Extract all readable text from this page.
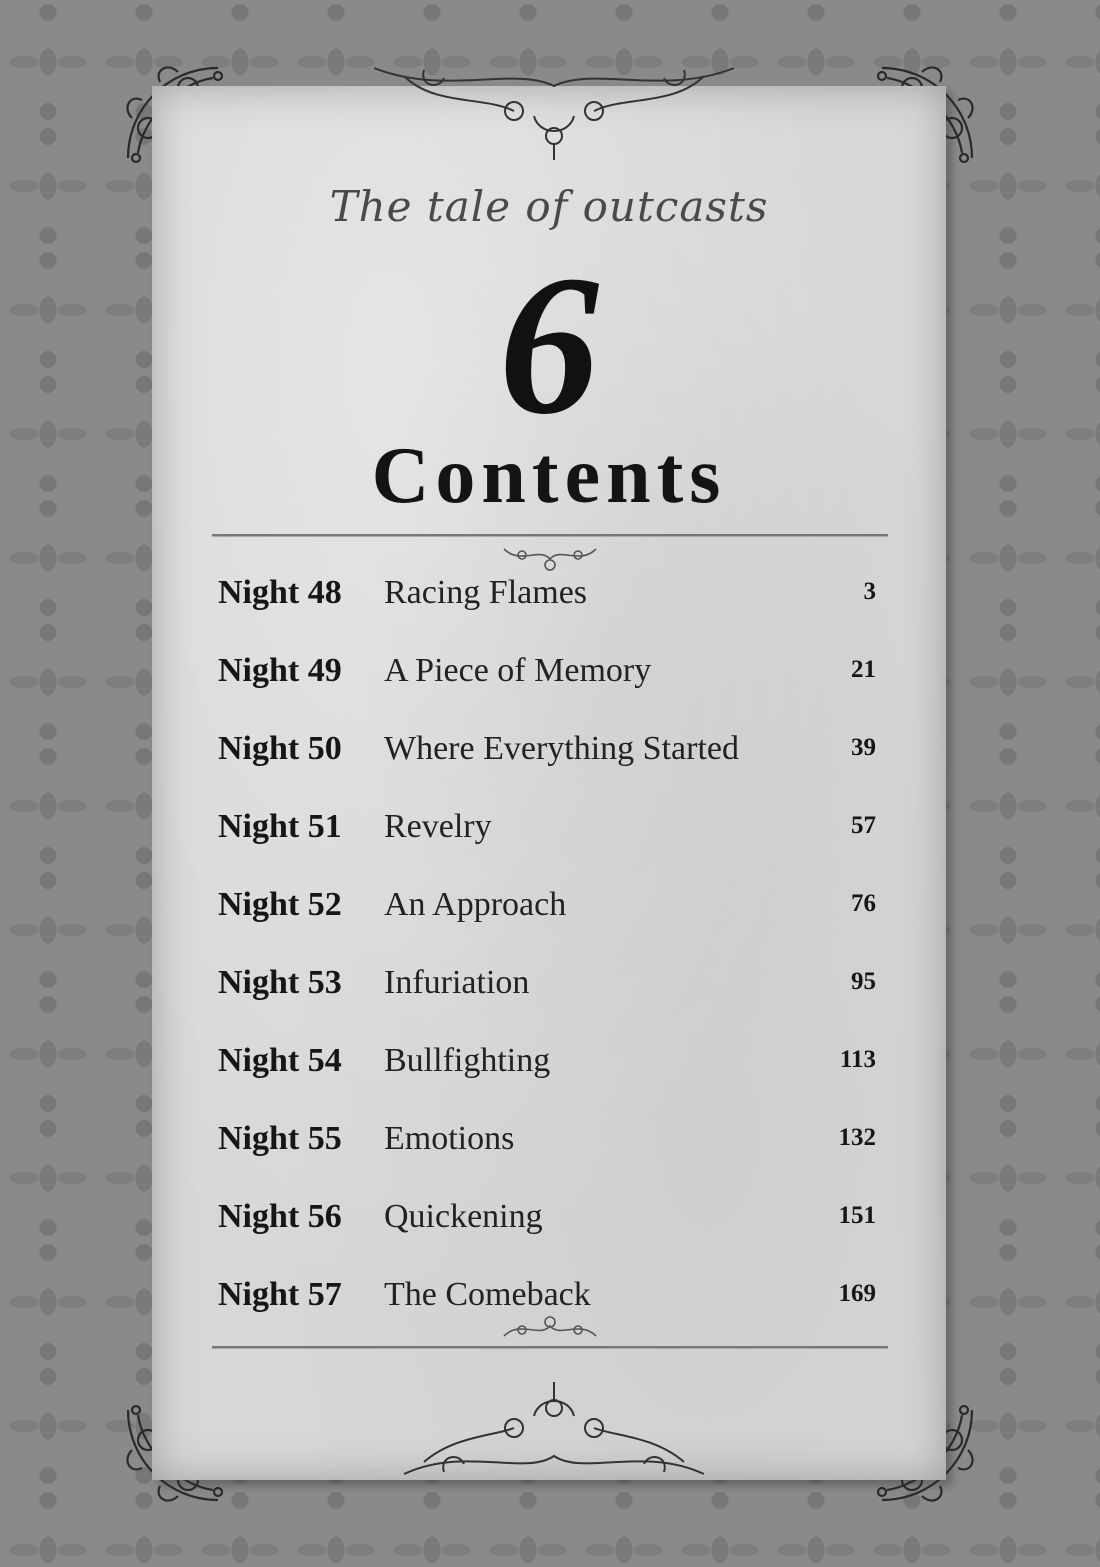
The tale of outcasts
6
Contents
Night 48 Racing Flames	3
Night 49 A Piece of Memory	21
Night 50 Where Everything Started	39
Night 51 Revelry	57
Night 52 An Approach	76
Night 53 Infuriation	95
Night 54 Bullfighting	113
Night 55 Emotions	132
Night 56 Quickening	151
Night 57 The Comeback	169
